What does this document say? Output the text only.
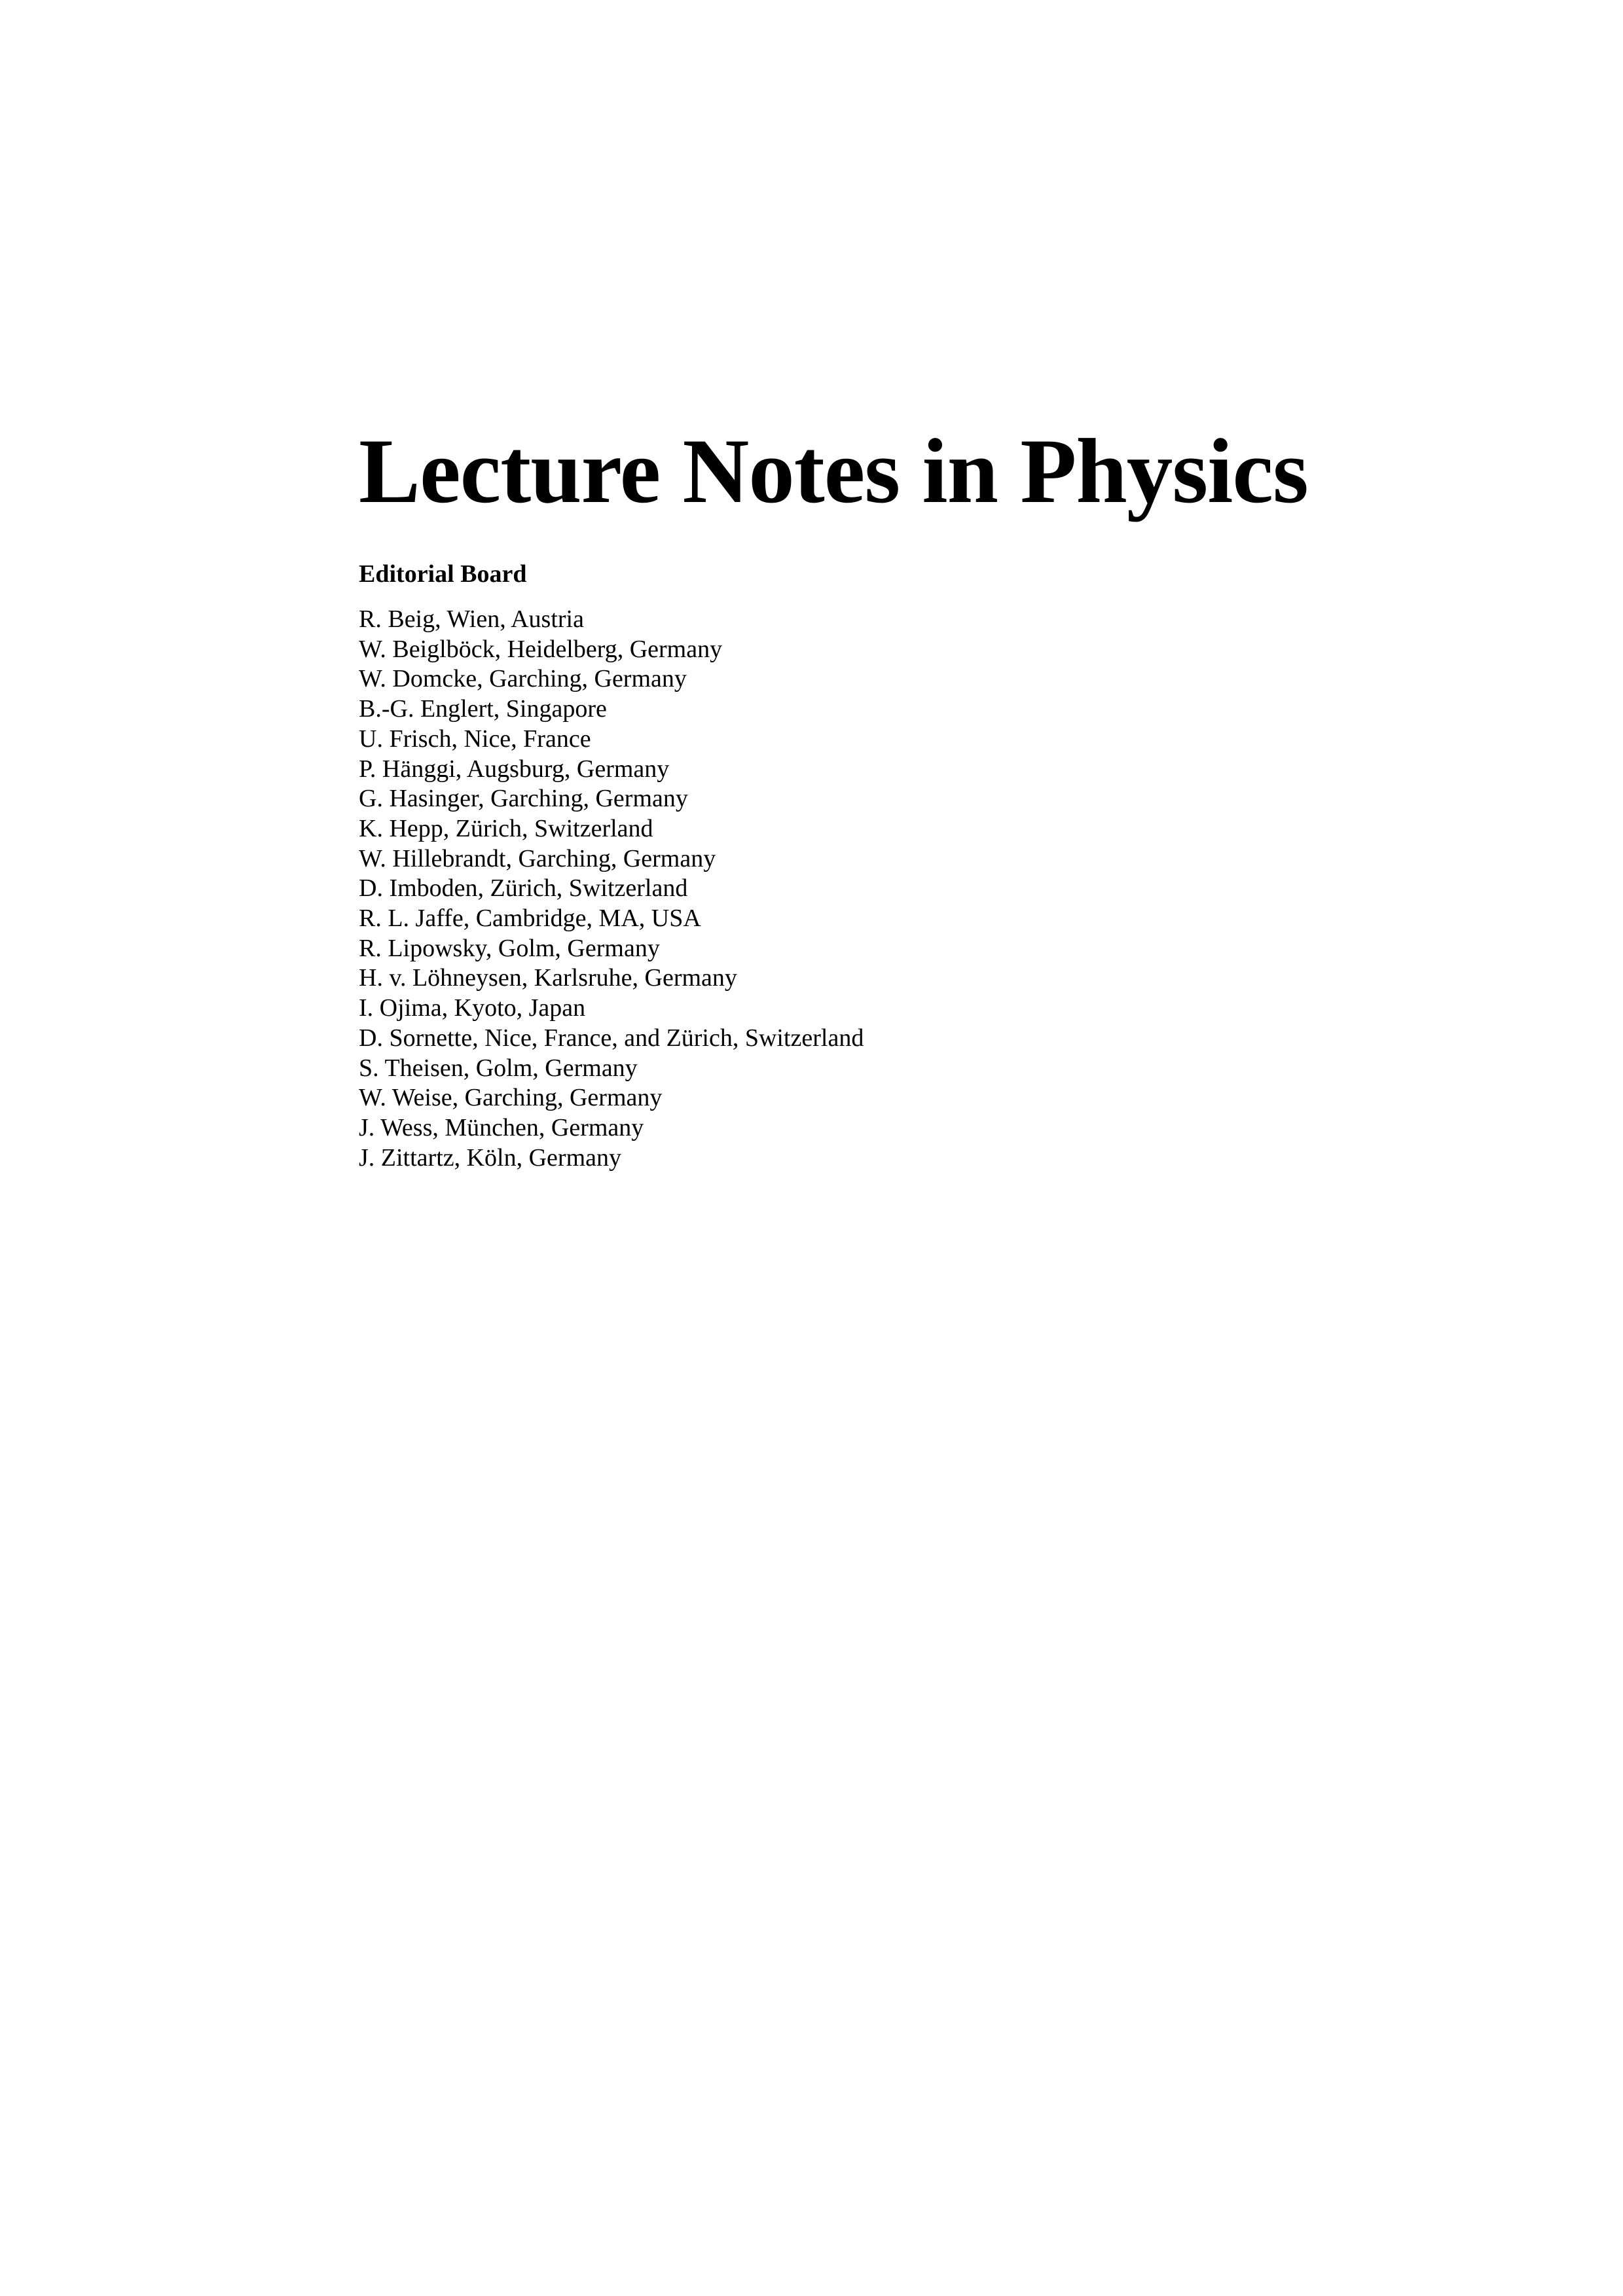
Lecture Notes in Physics
Editorial Board
R. Beig, Wien, Austria
W. Beiglböck, Heidelberg, Germany
W. Domcke, Garching, Germany
B.-G. Englert, Singapore
U. Frisch, Nice, France
P. Hänggi, Augsburg, Germany
G. Hasinger, Garching, Germany
K. Hepp, Zürich, Switzerland
W. Hillebrandt, Garching, Germany
D. Imboden, Zürich, Switzerland
R. L. Jaffe, Cambridge, MA, USA
R. Lipowsky, Golm, Germany
H. v. Löhneysen, Karlsruhe, Germany
I. Ojima, Kyoto, Japan
D. Sornette, Nice, France, and Zürich, Switzerland
S. Theisen, Golm, Germany
W. Weise, Garching, Germany
J. Wess, München, Germany
J. Zittartz, Köln, Germany
